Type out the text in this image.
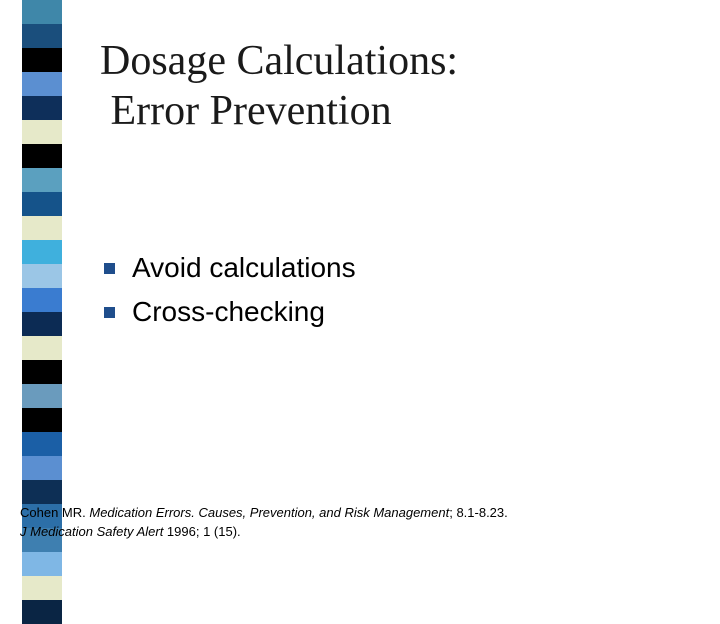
Dosage Calculations:
Error Prevention
Avoid calculations
Cross-checking
Cohen MR. Medication Errors. Causes, Prevention, and Risk Management; 8.1-8.23.
J Medication Safety Alert 1996; 1 (15).
